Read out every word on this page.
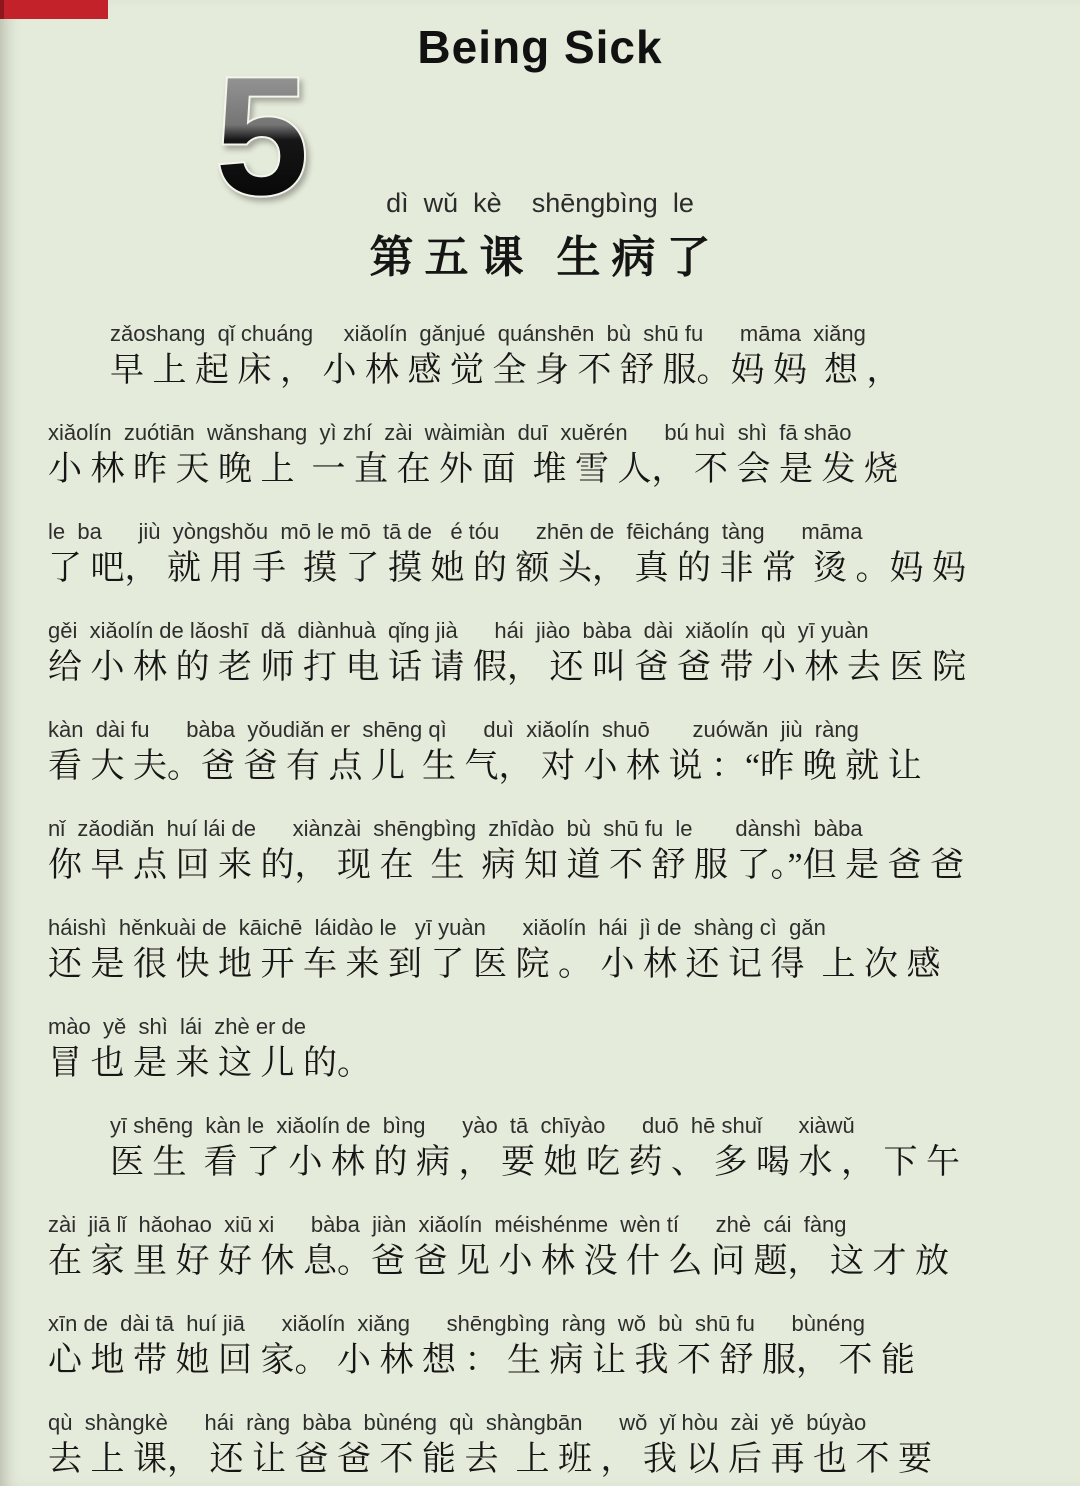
Being Sick
5	dì  wǔ  kè    shēngbìng  le
第 五 课   生 病 了
zǎoshang  qǐ chuáng     xiǎolín  gǎnjué  quánshēn  bù  shū fu      māma  xiǎng
早 上 起 床 ， 小 林 感 觉 全 身 不 舒 服。妈 妈  想 ，
xiǎolín  zuótiān  wǎnshang  yì zhí  zài  wàimiàn  duī  xuěrén      bú huì  shì  fā shāo
小 林 昨 天 晚 上  一 直 在 外 面  堆 雪 人， 不 会 是 发 烧
le  ba      jiù  yòngshǒu  mō le mō  tā de   é tóu      zhēn de  fēicháng  tàng      māma
了 吧， 就 用 手  摸 了 摸 她 的 额 头， 真 的 非 常  烫 。妈 妈
gěi  xiǎolín de lǎoshī  dǎ  diànhuà  qǐng jià      hái  jiào  bàba  dài  xiǎolín  qù  yī yuàn
给 小 林 的 老 师 打 电 话 请 假， 还 叫 爸 爸 带 小 林 去 医 院
kàn  dài fu      bàba  yǒudiǎn er  shēng qì      duì  xiǎolín  shuō       zuówǎn  jiù  ràng
看 大 夫。爸 爸 有 点 儿  生 气， 对 小 林 说 ：“昨 晚 就 让
nǐ  zǎodiǎn  huí lái de      xiànzài  shēngbìng  zhīdào  bù  shū fu  le       dànshì  bàba
你 早 点 回 来 的， 现 在  生  病 知 道 不 舒 服 了。”但 是 爸 爸
háishì  hěnkuài de  kāichē  láidào le   yī yuàn      xiǎolín  hái  jì de  shàng cì  gǎn
还 是 很 快 地 开 车 来 到 了 医 院 。 小 林 还 记 得  上 次 感
mào  yě  shì  lái  zhè er de
冒 也 是 来 这 儿 的。
yī shēng  kàn le  xiǎolín de  bìng      yào  tā  chīyào      duō  hē shuǐ      xiàwǔ
医 生  看 了 小 林 的 病 ， 要 她 吃 药 、 多 喝 水 ， 下 午
zài  jiā lǐ  hǎohao  xiū xi      bàba  jiàn  xiǎolín  méishénme  wèn tí      zhè  cái  fàng
在 家 里 好 好 休 息。爸 爸 见 小 林 没 什 么 问 题， 这 才 放
xīn de  dài tā  huí jiā      xiǎolín  xiǎng      shēngbìng  ràng  wǒ  bù  shū fu      bùnéng
心 地 带 她 回 家。 小 林 想 ： 生 病 让 我 不 舒 服， 不 能
qù  shàngkè      hái  ràng  bàba  bùnéng  qù  shàngbān      wǒ  yǐ hòu  zài  yě  búyào
去 上 课， 还 让 爸 爸 不 能 去  上 班 ， 我 以 后 再 也 不 要
